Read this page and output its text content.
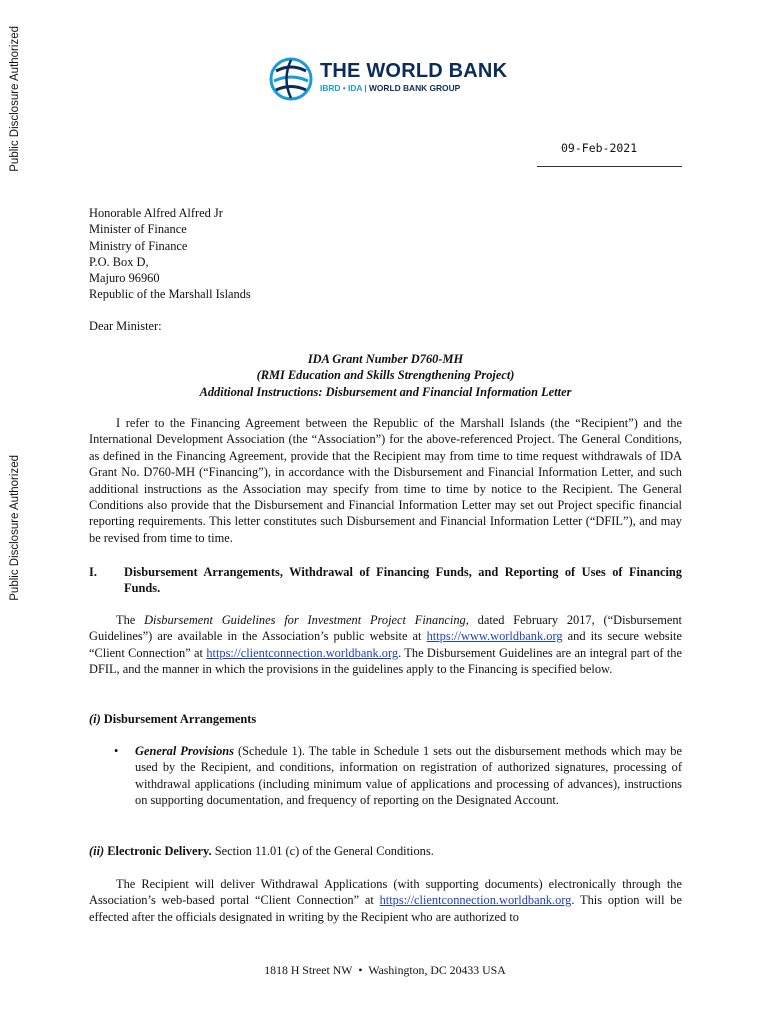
Public Disclosure Authorized
Public Disclosure Authorized
THE WORLD BANK
IBRD • IDA | WORLD BANK GROUP
09-Feb-2021
Honorable Alfred Alfred Jr
Minister of Finance
Ministry of Finance
P.O. Box D,
Majuro 96960
Republic of the Marshall Islands
Dear Minister:
IDA Grant Number D760-MH
(RMI Education and Skills Strengthening Project)
Additional Instructions: Disbursement and Financial Information Letter
I refer to the Financing Agreement between the Republic of the Marshall Islands (the “Recipient”) and the International Development Association (the “Association”) for the above-referenced Project. The General Conditions, as defined in the Financing Agreement, provide that the Recipient may from time to time request withdrawals of IDA Grant No. D760-MH (“Financing”), in accordance with the Disbursement and Financial Information Letter, and such additional instructions as the Association may specify from time to time by notice to the Recipient. The General Conditions also provide that the Disbursement and Financial Information Letter may set out Project specific financial reporting requirements. This letter constitutes such Disbursement and Financial Information Letter (“DFIL”), and may be revised from time to time.
I. Disbursement Arrangements, Withdrawal of Financing Funds, and Reporting of Uses of Financing Funds.
The Disbursement Guidelines for Investment Project Financing, dated February 2017, (“Disbursement Guidelines”) are available in the Association’s public website at https://www.worldbank.org and its secure website “Client Connection” at https://clientconnection.worldbank.org. The Disbursement Guidelines are an integral part of the DFIL, and the manner in which the provisions in the guidelines apply to the Financing is specified below.
(i) Disbursement Arrangements
• General Provisions (Schedule 1). The table in Schedule 1 sets out the disbursement methods which may be used by the Recipient, and conditions, information on registration of authorized signatures, processing of withdrawal applications (including minimum value of applications and processing of advances), instructions on supporting documentation, and frequency of reporting on the Designated Account.
(ii) Electronic Delivery. Section 11.01 (c) of the General Conditions.
The Recipient will deliver Withdrawal Applications (with supporting documents) electronically through the Association’s web-based portal “Client Connection” at https://clientconnection.worldbank.org. This option will be effected after the officials designated in writing by the Recipient who are authorized to
1818 H Street NW • Washington, DC 20433 USA
